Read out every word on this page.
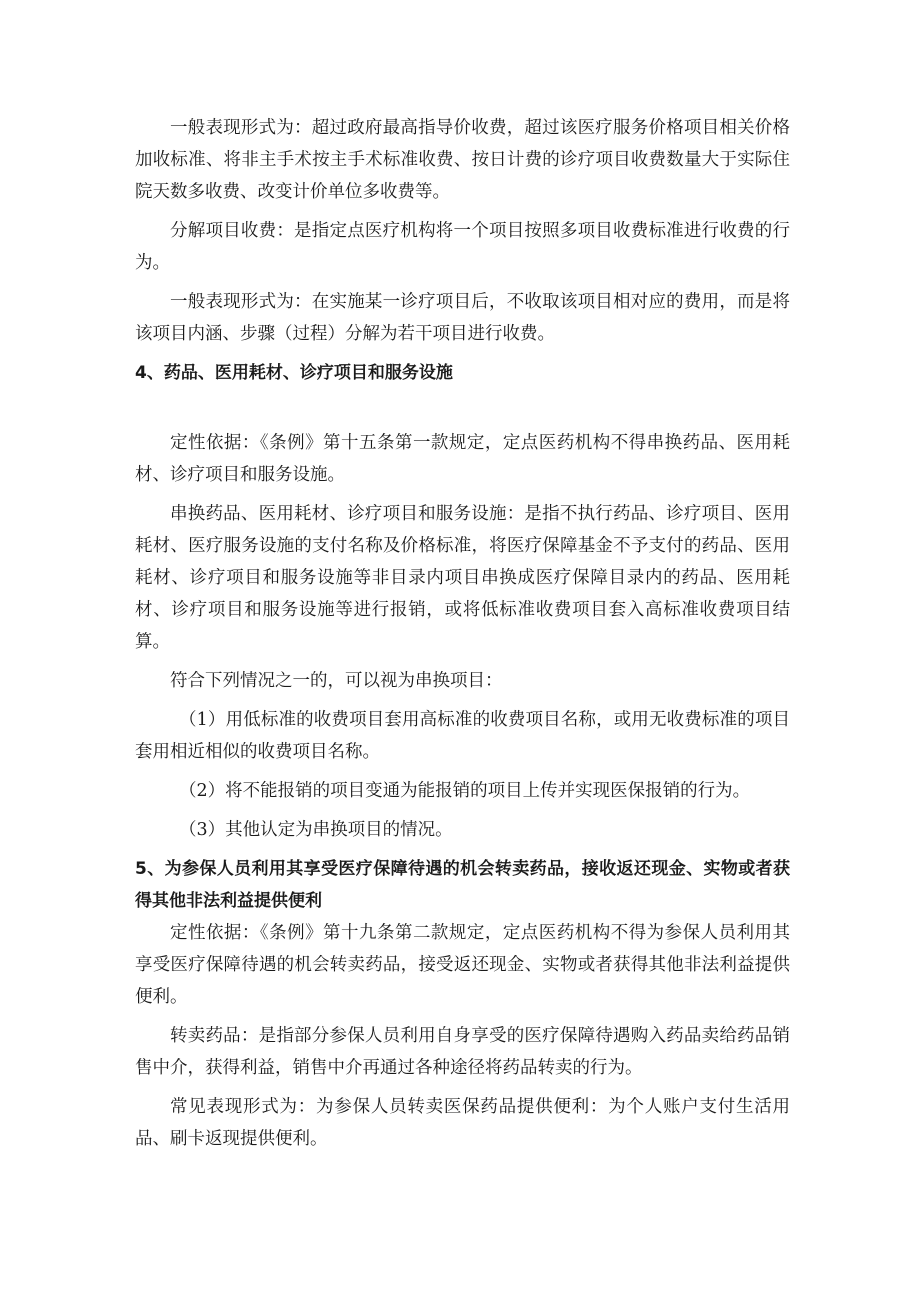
一般表现形式为：超过政府最高指导价收费，超过该医疗服务价格项目相关价格加收标准、将非主手术按主手术标准收费、按日计费的诊疗项目收费数量大于实际住院天数多收费、改变计价单位多收费等。

分解项目收费：是指定点医疗机构将一个项目按照多项目收费标准进行收费的行为。

一般表现形式为：在实施某一诊疗项目后，不收取该项目相对应的费用，而是将该项目内涵、步骤（过程）分解为若干项目进行收费。

4、药品、医用耗材、诊疗项目和服务设施

定性依据：《条例》第十五条第一款规定，定点医药机构不得串换药品、医用耗材、诊疗项目和服务设施。

串换药品、医用耗材、诊疗项目和服务设施：是指不执行药品、诊疗项目、医用耗材、医疗服务设施的支付名称及价格标准，将医疗保障基金不予支付的药品、医用耗材、诊疗项目和服务设施等非目录内项目串换成医疗保障目录内的药品、医用耗材、诊疗项目和服务设施等进行报销，或将低标准收费项目套入高标准收费项目结算。

符合下列情况之一的，可以视为串换项目：

（1）用低标准的收费项目套用高标准的收费项目名称，或用无收费标准的项目套用相近相似的收费项目名称。

（2）将不能报销的项目变通为能报销的项目上传并实现医保报销的行为。

（3）其他认定为串换项目的情况。

5、为参保人员利用其享受医疗保障待遇的机会转卖药品，接收返还现金、实物或者获得其他非法利益提供便利

定性依据：《条例》第十九条第二款规定，定点医药机构不得为参保人员利用其享受医疗保障待遇的机会转卖药品，接受返还现金、实物或者获得其他非法利益提供便利。

转卖药品：是指部分参保人员利用自身享受的医疗保障待遇购入药品卖给药品销售中介，获得利益，销售中介再通过各种途径将药品转卖的行为。

常见表现形式为：为参保人员转卖医保药品提供便利：为个人账户支付生活用品、刷卡返现提供便利。
